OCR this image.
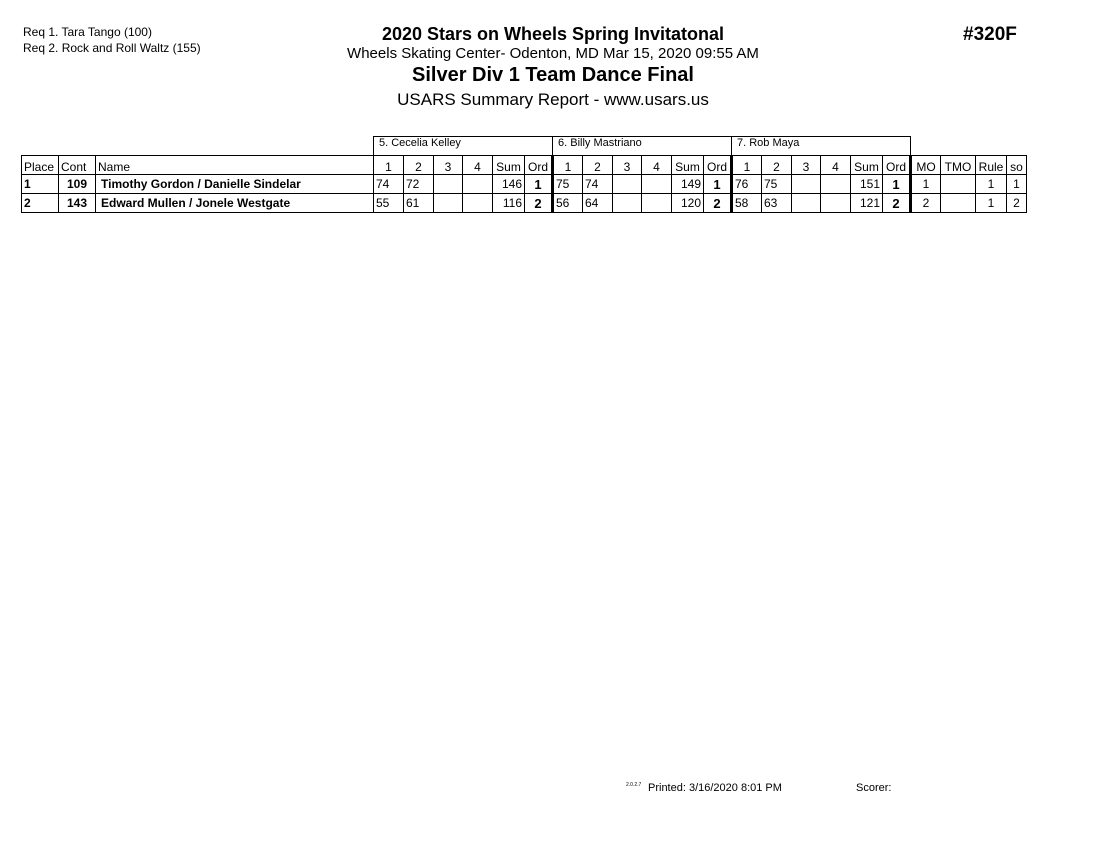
Req 1. Tara Tango (100)
Req 2. Rock and Roll Waltz (155)
2020 Stars on Wheels Spring Invitatonal
Wheels Skating Center- Odenton, MD Mar 15, 2020 09:55 AM
Silver Div 1 Team Dance Final
USARS Summary Report - www.usars.us
#320F
			5. Cecelia Kelley						6. Billy Mastriano						7. Rob Maya									
Place	Cont	Name	1	2	3	4	Sum	Ord	1	2	3	4	Sum	Ord	1	2	3	4	Sum	Ord	MO	TMO	Rule	so
1	109	Timothy Gordon / Danielle Sindelar	74	72			146	1	75	74			149	1	76	75			151	1	1		1	1
2	143	Edward Mullen / Jonele Westgate	55	61			116	2	56	64			120	2	58	63			121	2	2		1	2
2.0.2.7 Printed: 3/16/2020 8:01 PM	Scorer:
